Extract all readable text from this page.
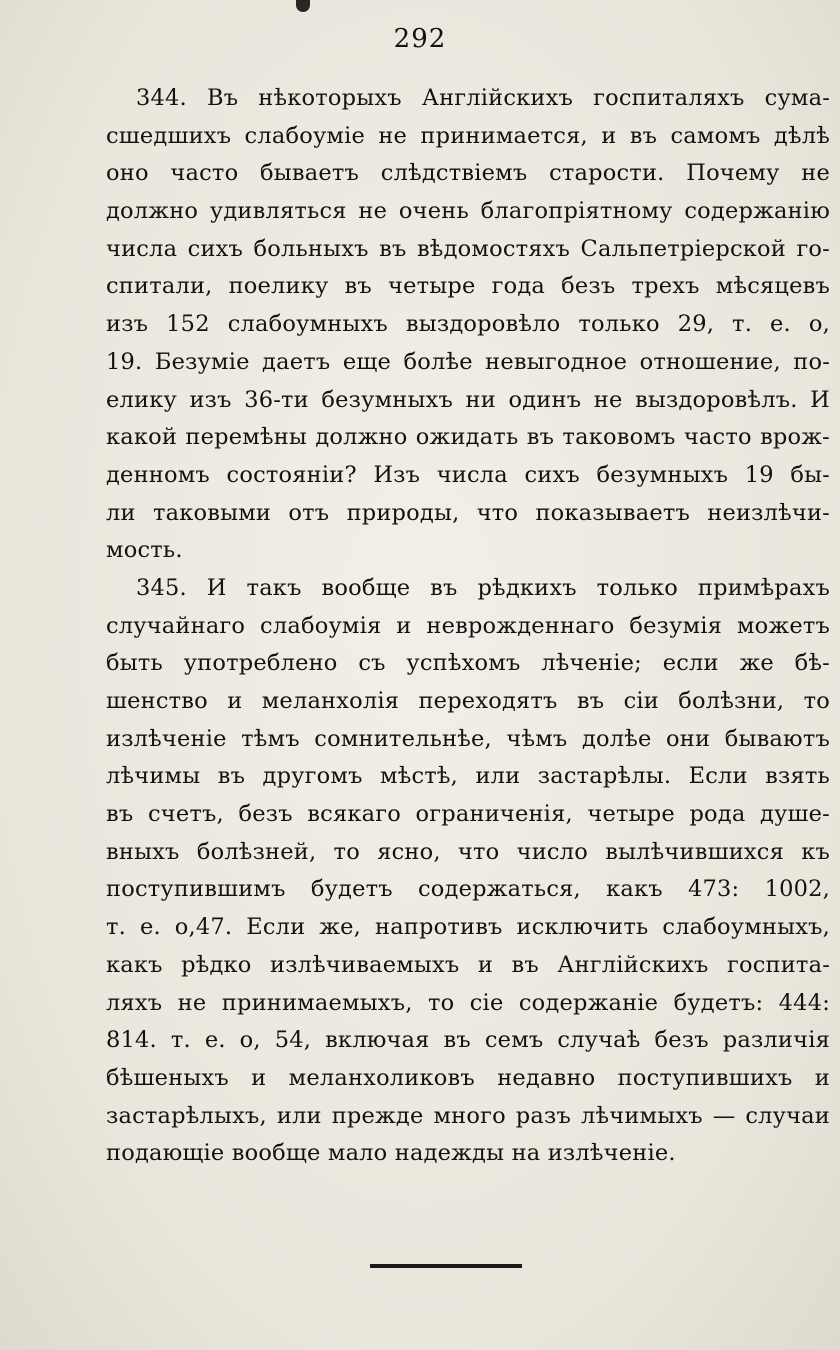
292
344. Въ нѣкоторыхъ Англійскихъ госпиталяхъ сума-
сшедшихъ слабоумie не принимается, и въ самомъ дѣлѣ
оно часто бываетъ слѣдствiемъ старости. Почему не
должно удивляться не очень благопріятному содержанію
числа сихъ больныхъ въ вѣдомостяхъ Сальпетріерской го-
спитали, поелику въ четыре года безъ трехъ мѣсяцевъ
изъ 152 слабоумныхъ выздоровѣло только 29, т. е. о,
19. Безумie даетъ еще болѣе невыгодное отношение, по-
елику изъ 36-ти безумныхъ ни одинъ не выздоровѣлъ. И
какой перемѣны должно ожидать въ таковомъ часто врож-
денномъ состояніи? Изъ числа сихъ безумныхъ 19 бы-
ли таковыми отъ природы, что показываетъ неизлѣчи-
мость.
345. И такъ вообще въ рѣдкихъ только примѣрахъ
случайнаго слабоумія и неврожденнаго безумія можетъ
быть употреблено съ успѣхомъ лѣченіе; если же бѣ-
шенство и меланхолія переходятъ въ сіи болѣзни, то
излѣченіе тѣмъ сомнительнѣе, чѣмъ долѣе они бываютъ
лѣчимы въ другомъ мѣстѣ, или застарѣлы. Если взять
въ счетъ, безъ всякаго ограниченія, четыре рода душе-
вныхъ болѣзней, то ясно, что число вылѣчившихся къ
поступившимъ будетъ содержаться, какъ 473: 1002,
т. е. о,47. Если же, напротивъ исключить слабоумныхъ,
какъ рѣдко излѣчиваемыхъ и въ Англійскихъ госпита-
ляхъ не принимаемыхъ, то сіе содержаніе будетъ: 444:
814. т. е. о, 54, включая въ семъ случаѣ безъ различія
бѣшеныхъ и меланхоликовъ недавно поступившихъ и
застарѣлыхъ, или прежде много разъ лѣчимыхъ — случаи
подающіе вообще мало надежды на излѣченіе.
